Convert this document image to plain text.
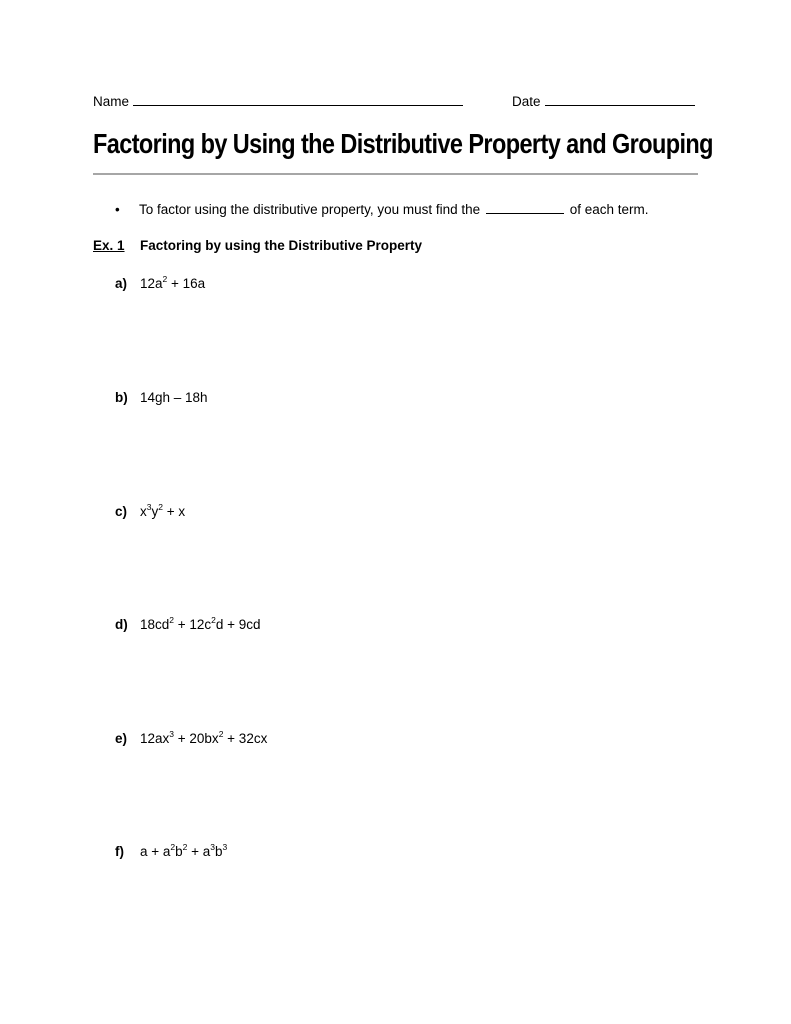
Name	Date
Factoring by Using the Distributive Property and Grouping
• To factor using the distributive property, you must find the	of each term.
Ex. 1 Factoring by using the Distributive Property
a) $12a^2 + 16a$
b) 14gh – 18h
c) $x^3y^2 + x$
d) $18cd^2 + 12c^2d + 9cd$
e) $12ax^3 + 20bx^2 + 32cx$
f) $a + a^2b^2 + a^3b^3$
